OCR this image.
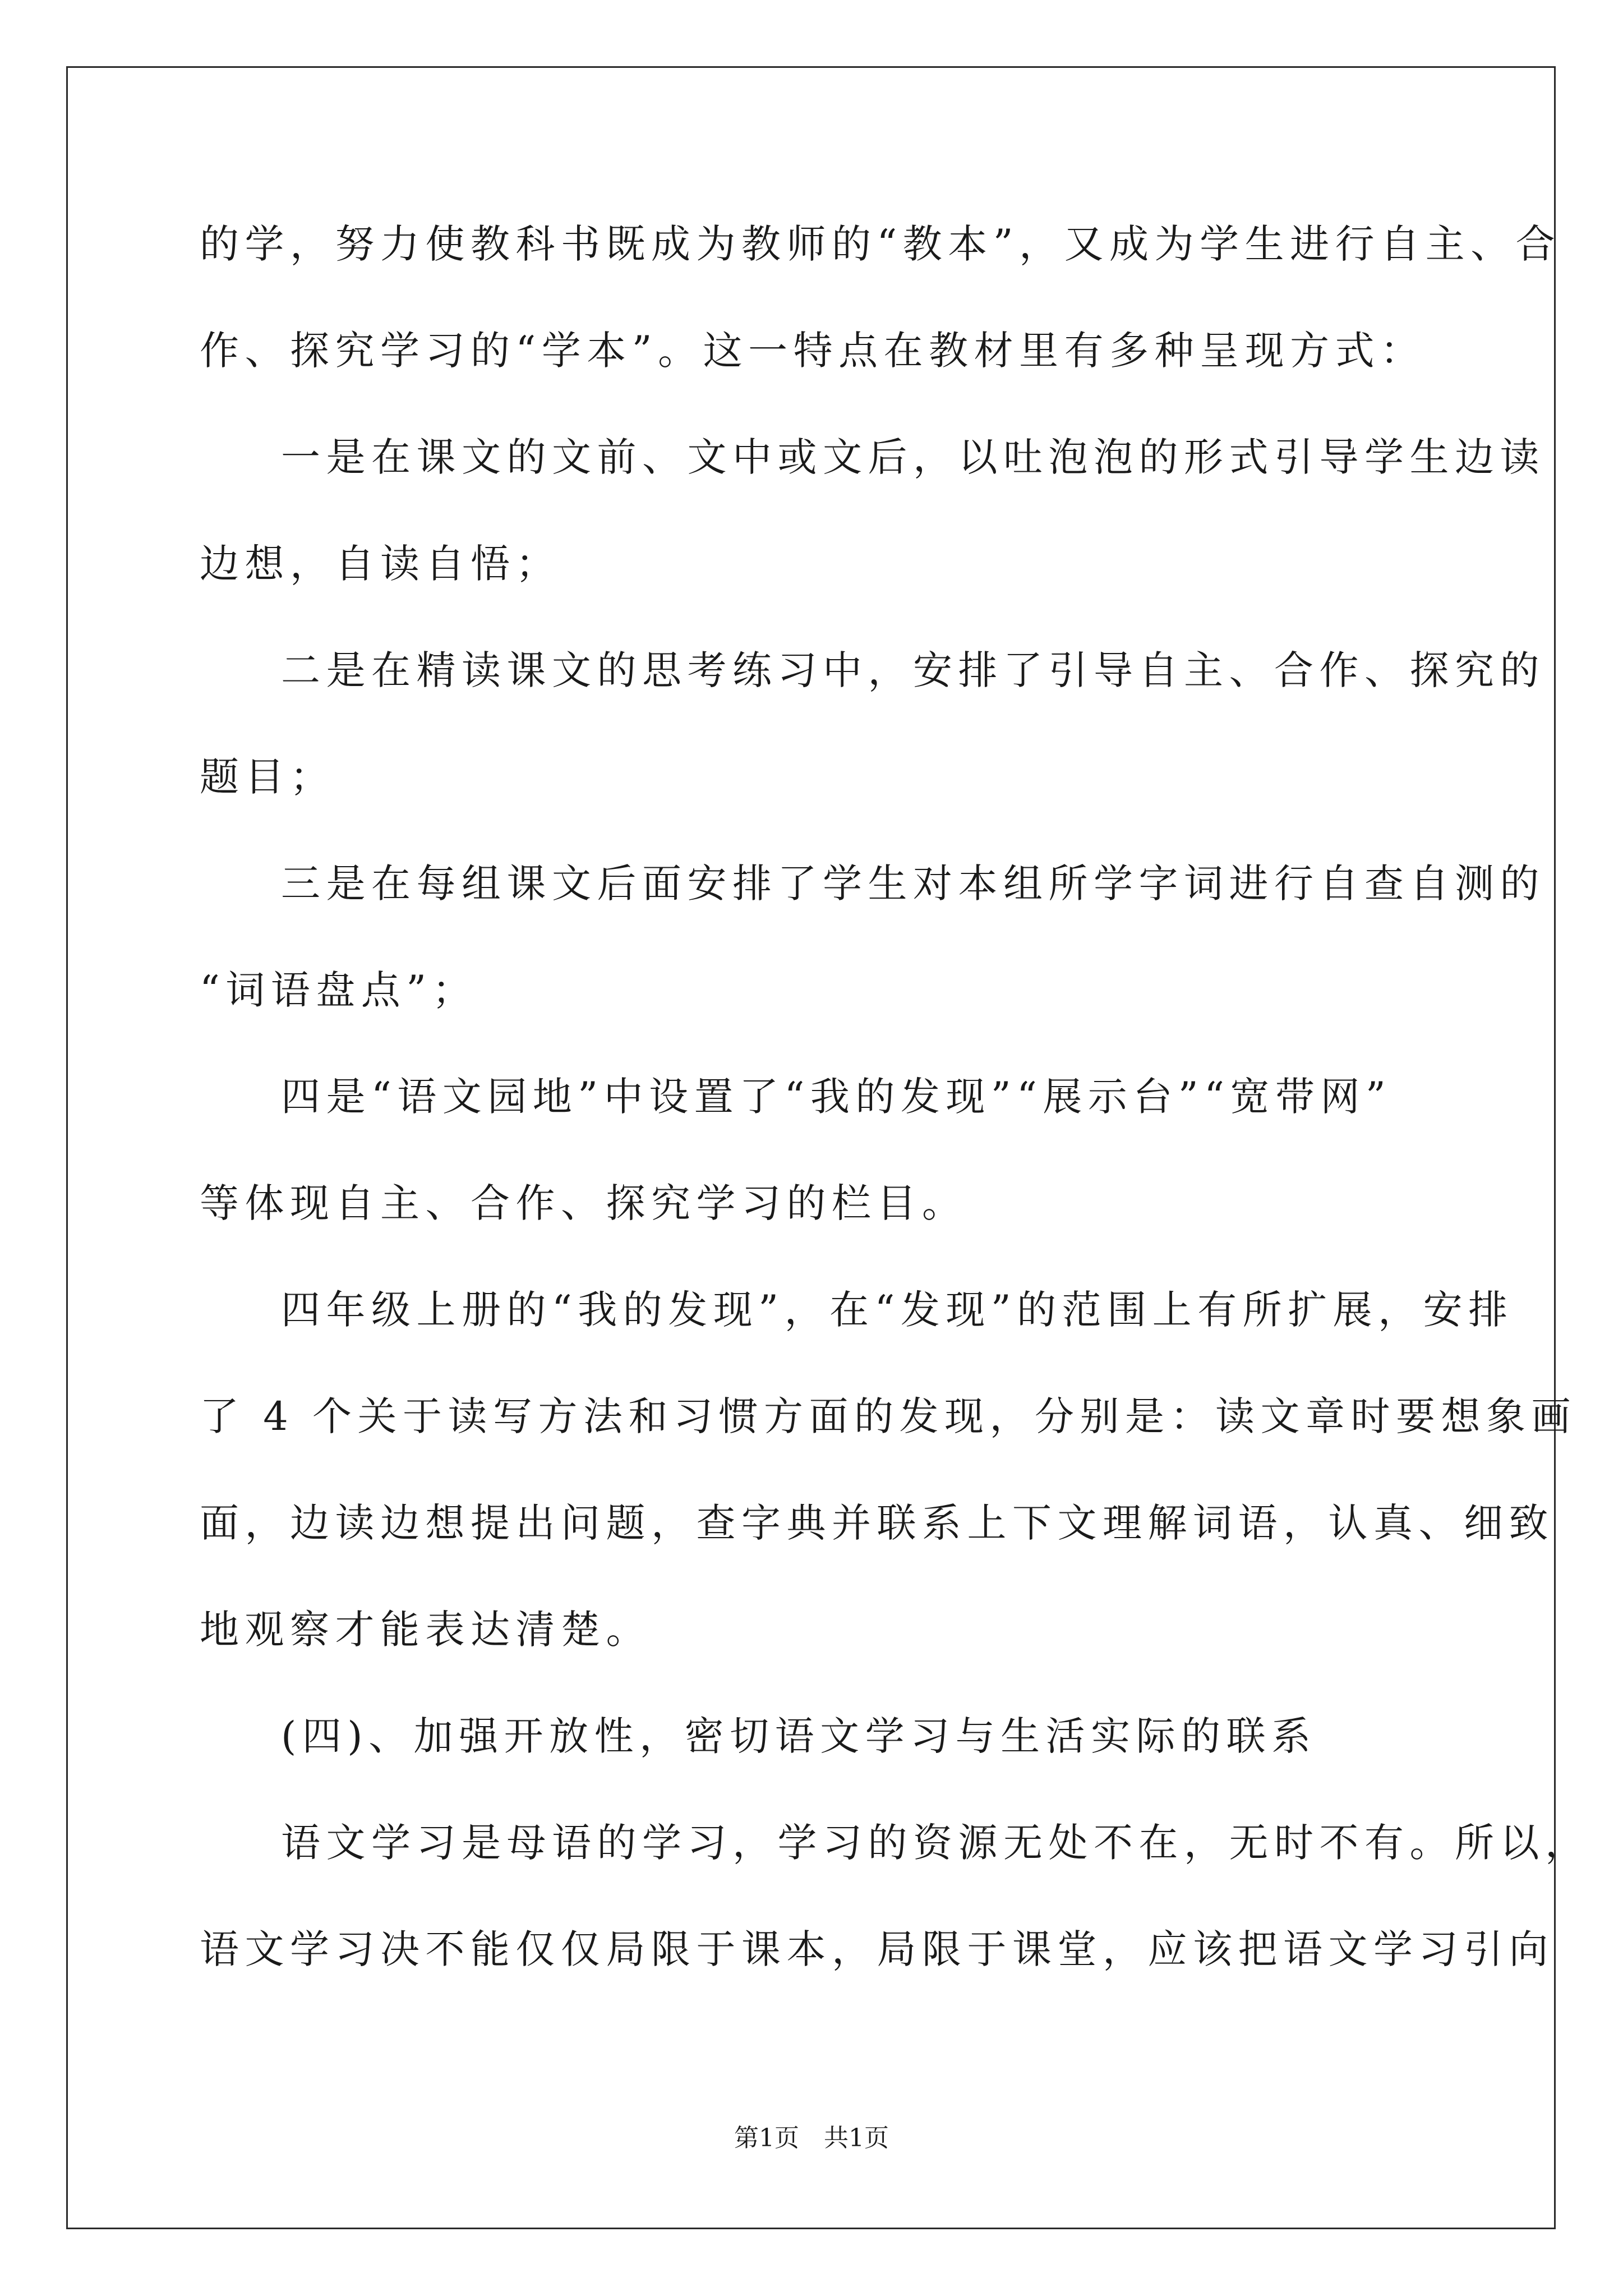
的学，努力使教科书既成为教师的“教本”，又成为学生进行自主、合
作、探究学习的“学本”。这一特点在教材里有多种呈现方式：
一是在课文的文前、文中或文后，以吐泡泡的形式引导学生边读
边想，自读自悟；
二是在精读课文的思考练习中，安排了引导自主、合作、探究的
题目；
三是在每组课文后面安排了学生对本组所学字词进行自查自测的
“词语盘点”；
四是“语文园地”中设置了“我的发现”“展示台”“宽带网”
等体现自主、合作、探究学习的栏目。
四年级上册的“我的发现”，在“发现”的范围上有所扩展，安排
了 4 个关于读写方法和习惯方面的发现，分别是：读文章时要想象画
面，边读边想提出问题，查字典并联系上下文理解词语，认真、细致
地观察才能表达清楚。
(四)、加强开放性，密切语文学习与生活实际的联系
语文学习是母语的学习，学习的资源无处不在，无时不有。所以，
语文学习决不能仅仅局限于课本，局限于课堂，应该把语文学习引向
第1页　共1页
